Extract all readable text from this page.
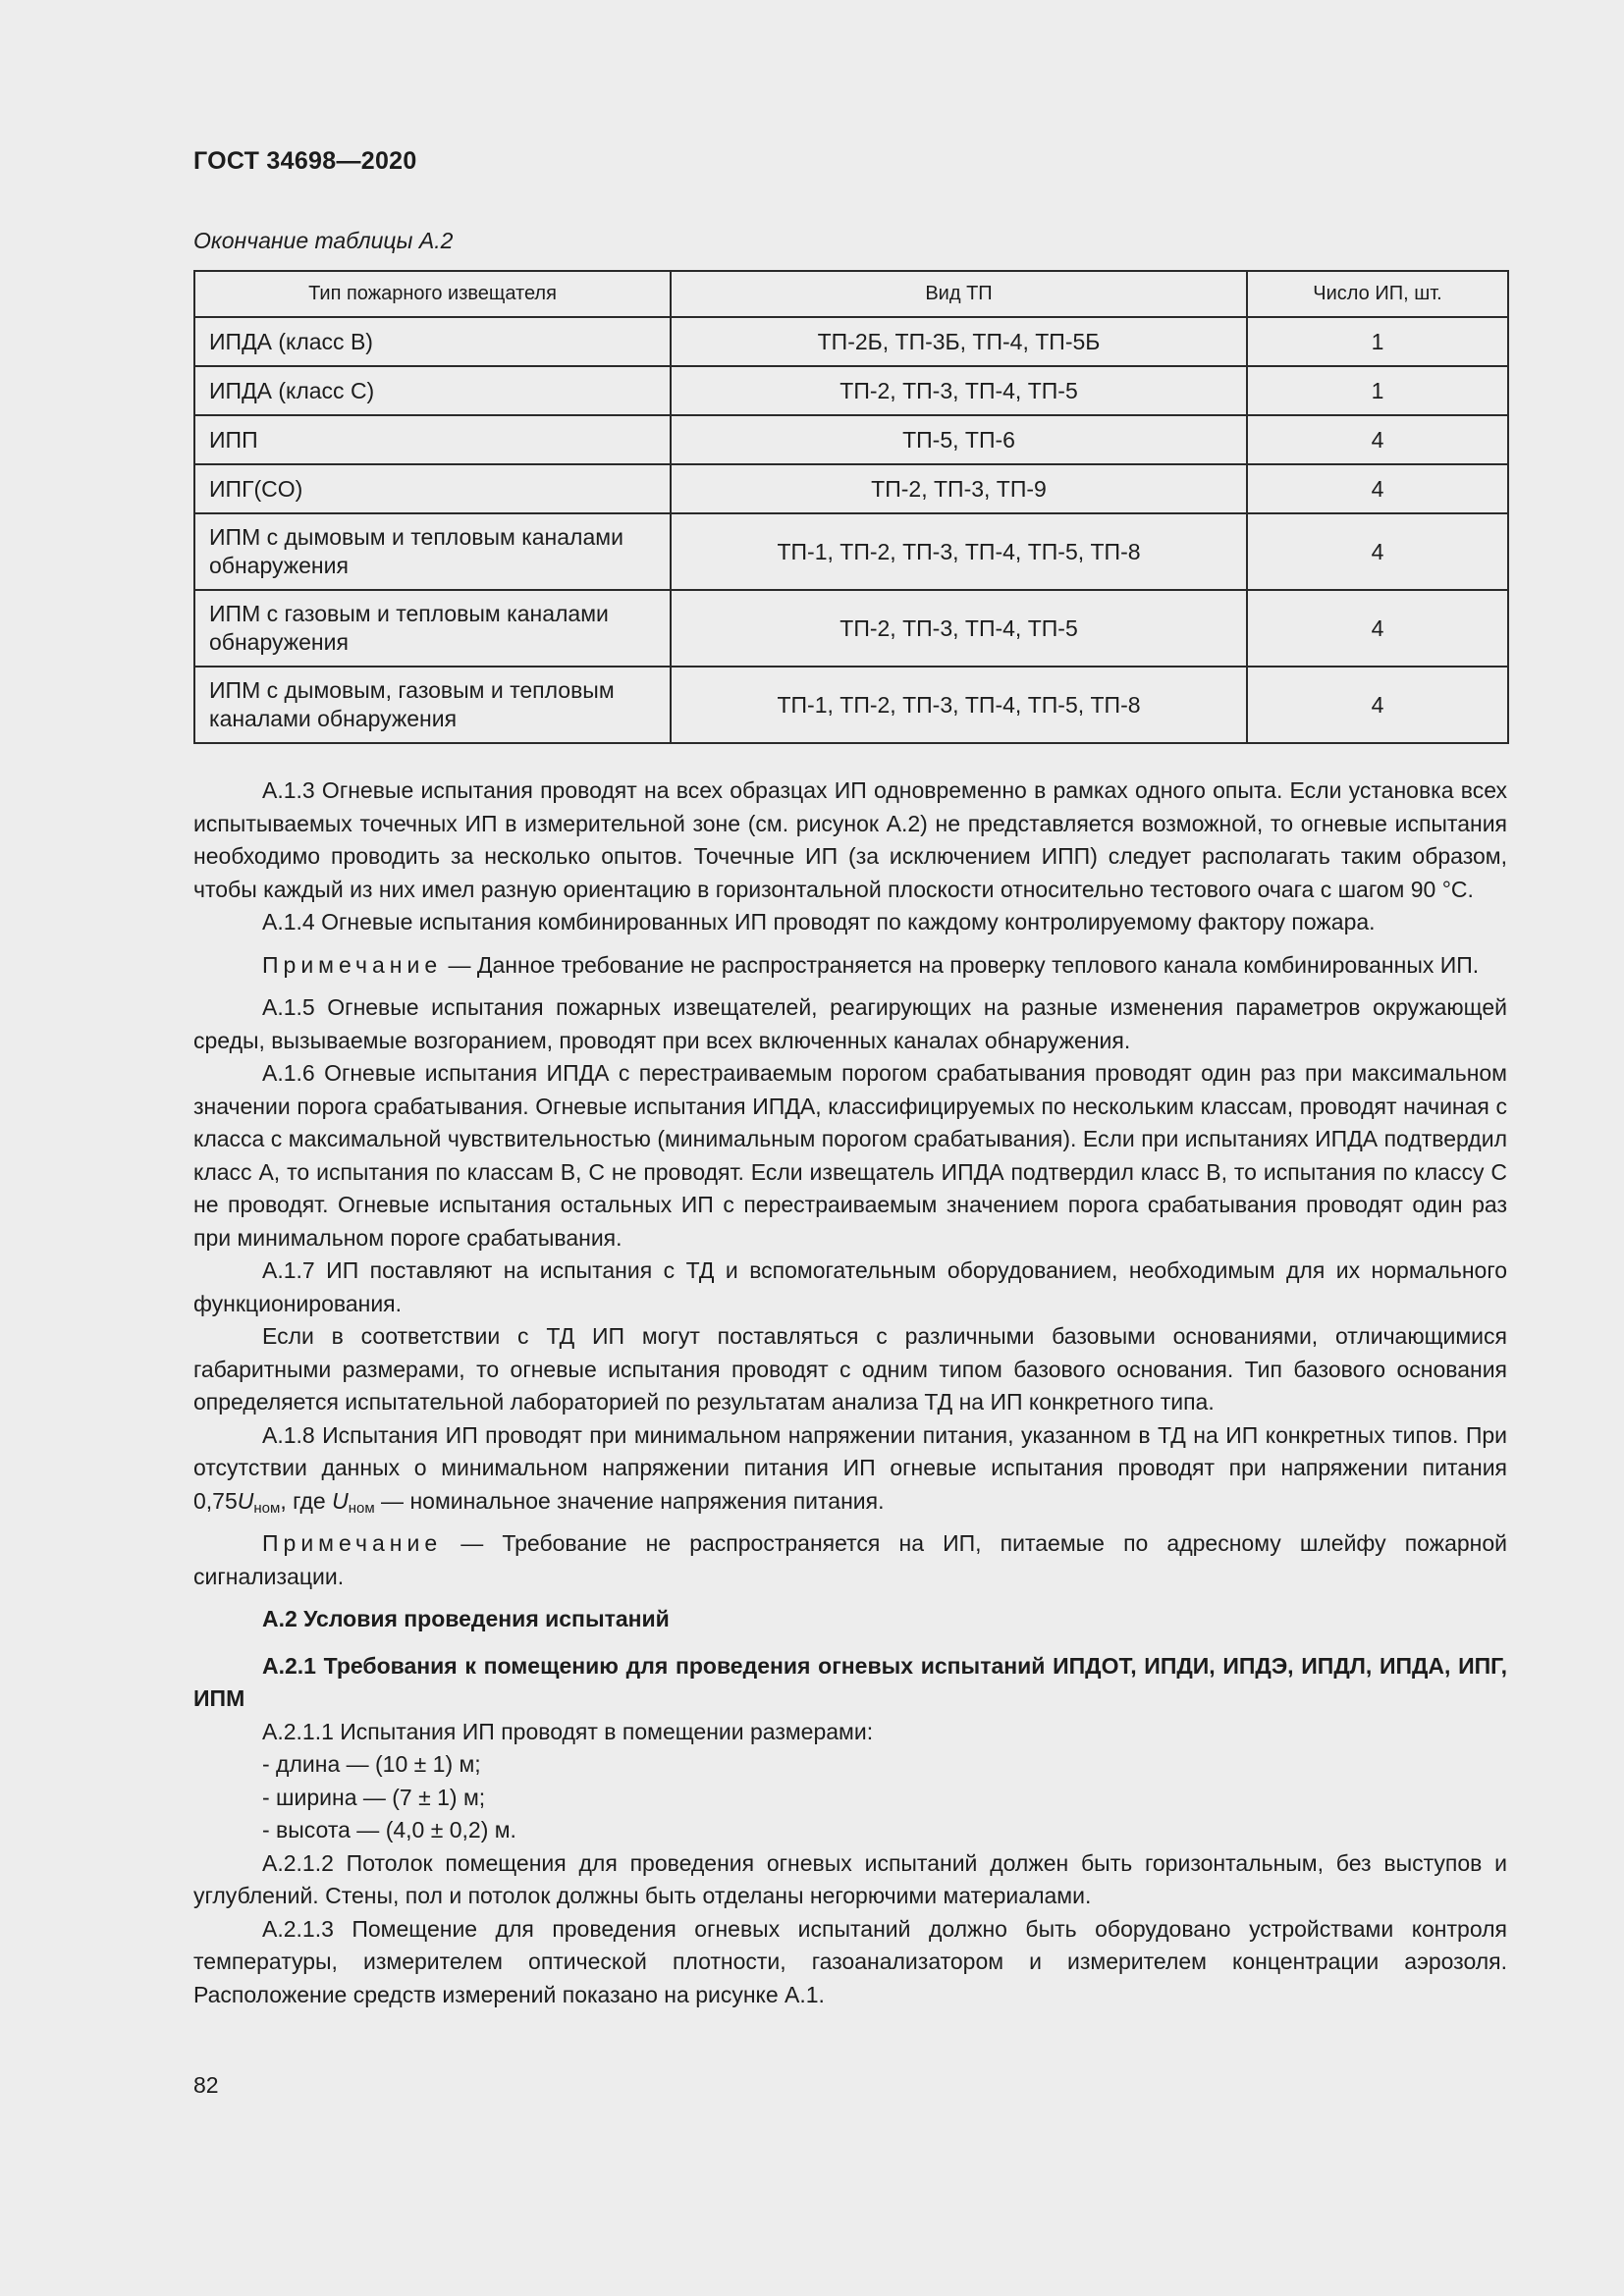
ГОСТ 34698—2020
Окончание таблицы А.2
Тип пожарного извещателя	Вид ТП	Число ИП, шт.
ИПДА (класс B)	ТП-2Б, ТП-3Б, ТП-4, ТП-5Б	1
ИПДА (класс C)	ТП-2, ТП-3, ТП-4, ТП-5	1
ИПП	ТП-5, ТП-6	4
ИПГ(CO)	ТП-2, ТП-3, ТП-9	4
ИПМ с дымовым и тепловым каналами обнаружения	ТП-1, ТП-2, ТП-3, ТП-4, ТП-5, ТП-8	4
ИПМ с газовым и тепловым каналами обнаружения	ТП-2, ТП-3, ТП-4, ТП-5	4
ИПМ с дымовым, газовым и тепловым каналами обнаружения	ТП-1, ТП-2, ТП-3, ТП-4, ТП-5, ТП-8	4

А.1.3 Огневые испытания проводят на всех образцах ИП одновременно в рамках одного опыта. Если установка всех испытываемых точечных ИП в измерительной зоне (см. рисунок А.2) не представляется возможной, то огневые испытания необходимо проводить за несколько опытов. Точечные ИП (за исключением ИПП) следует располагать таким образом, чтобы каждый из них имел разную ориентацию в горизонтальной плоскости относительно тестового очага с шагом 90 °С.

А.1.4 Огневые испытания комбинированных ИП проводят по каждому контролируемому фактору пожара.

Примечание — Данное требование не распространяется на проверку теплового канала комбинированных ИП.

А.1.5 Огневые испытания пожарных извещателей, реагирующих на разные изменения параметров окружающей среды, вызываемые возгоранием, проводят при всех включенных каналах обнаружения.

А.1.6 Огневые испытания ИПДА с перестраиваемым порогом срабатывания проводят один раз при максимальном значении порога срабатывания. Огневые испытания ИПДА, классифицируемых по нескольким классам, проводят начиная с класса с максимальной чувствительностью (минимальным порогом срабатывания). Если при испытаниях ИПДА подтвердил класс А, то испытания по классам В, С не проводят. Если извещатель ИПДА подтвердил класс В, то испытания по классу С не проводят. Огневые испытания остальных ИП с перестраиваемым значением порога срабатывания проводят один раз при минимальном пороге срабатывания.

А.1.7 ИП поставляют на испытания с ТД и вспомогательным оборудованием, необходимым для их нормального функционирования.

Если в соответствии с ТД ИП могут поставляться с различными базовыми основаниями, отличающимися габаритными размерами, то огневые испытания проводят с одним типом базового основания. Тип базового основания определяется испытательной лабораторией по результатам анализа ТД на ИП конкретного типа.

А.1.8 Испытания ИП проводят при минимальном напряжении питания, указанном в ТД на ИП конкретных типов. При отсутствии данных о минимальном напряжении питания ИП огневые испытания проводят при напряжении питания $0,75U_{ном}$, где $U_{ном}$ — номинальное значение напряжения питания.

Примечание — Требование не распространяется на ИП, питаемые по адресному шлейфу пожарной сигнализации.

А.2 Условия проведения испытаний

А.2.1 Требования к помещению для проведения огневых испытаний ИПДОТ, ИПДИ, ИПДЭ, ИПДЛ, ИПДА, ИПГ, ИПМ

А.2.1.1 Испытания ИП проводят в помещении размерами:

- длина — (10 ± 1) м;
- ширина — (7 ± 1) м;
- высота — (4,0 ± 0,2) м.

А.2.1.2 Потолок помещения для проведения огневых испытаний должен быть горизонтальным, без выступов и углублений. Стены, пол и потолок должны быть отделаны негорючими материалами.

А.2.1.3 Помещение для проведения огневых испытаний должно быть оборудовано устройствами контроля температуры, измерителем оптической плотности, газоанализатором и измерителем концентрации аэрозоля. Расположение средств измерений показано на рисунке А.1.

82
